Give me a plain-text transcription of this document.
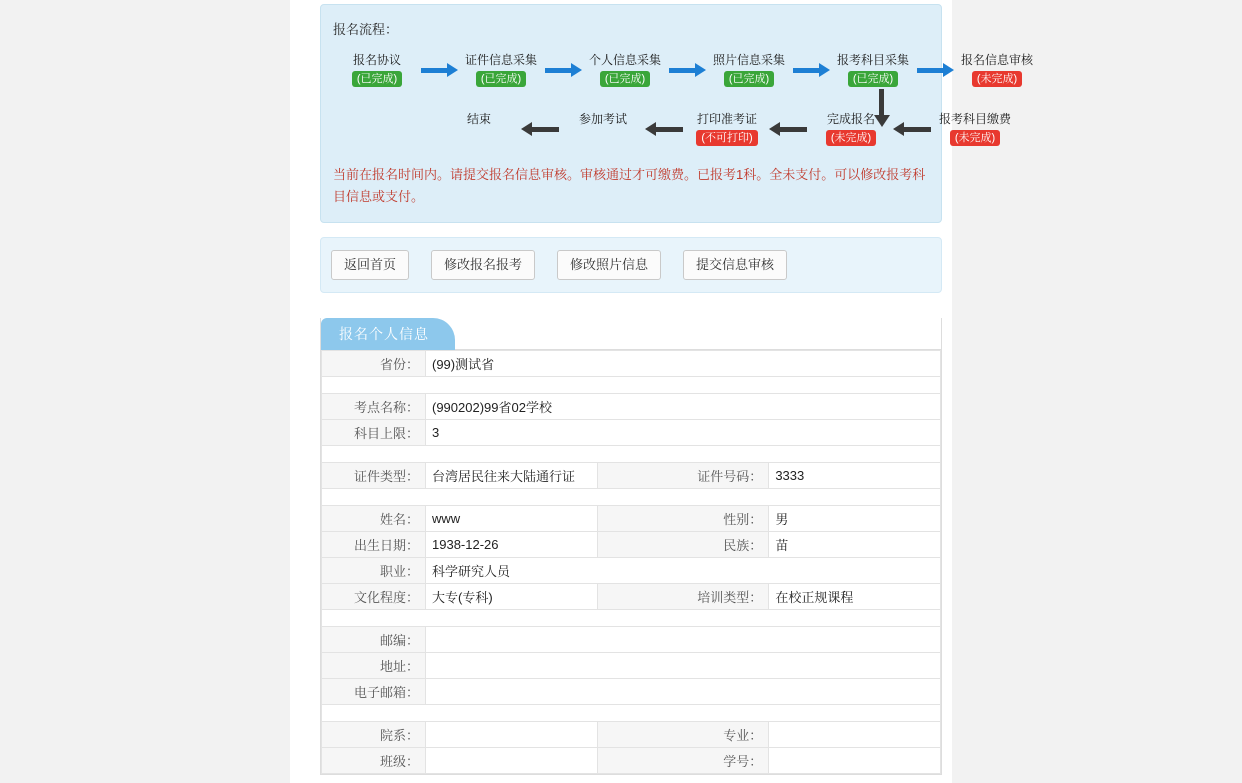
报名流程：
报名协议
(已完成)
证件信息采集
(已完成)
个人信息采集
(已完成)
照片信息采集
(已完成)
报考科目采集
(已完成)
报名信息审核
(未完成)
结束	参加考试	打印准考证
(不可打印)
完成报名
(未完成)
报考科目缴费
(未完成)
当前在报名时间内。请提交报名信息审核。审核通过才可缴费。已报考1科。全未支付。可以修改报考科目信息或支付。
返回首页	修改报名报考	修改照片信息	提交信息审核
报名个人信息
省份：	(99)测试省		

考点名称：	(990202)99省02学校		
科目上限：	3		

证件类型：	台湾居民往来大陆通行证	证件号码：	3333

姓名：	www	性别：	男
出生日期：	1938-12-26	民族：	苗
职业：	科学研究人员		
文化程度：	大专(专科)	培训类型：	在校正规课程

邮编：			
地址：			
电子邮箱：			

院系：		专业：	
班级：		学号：	
